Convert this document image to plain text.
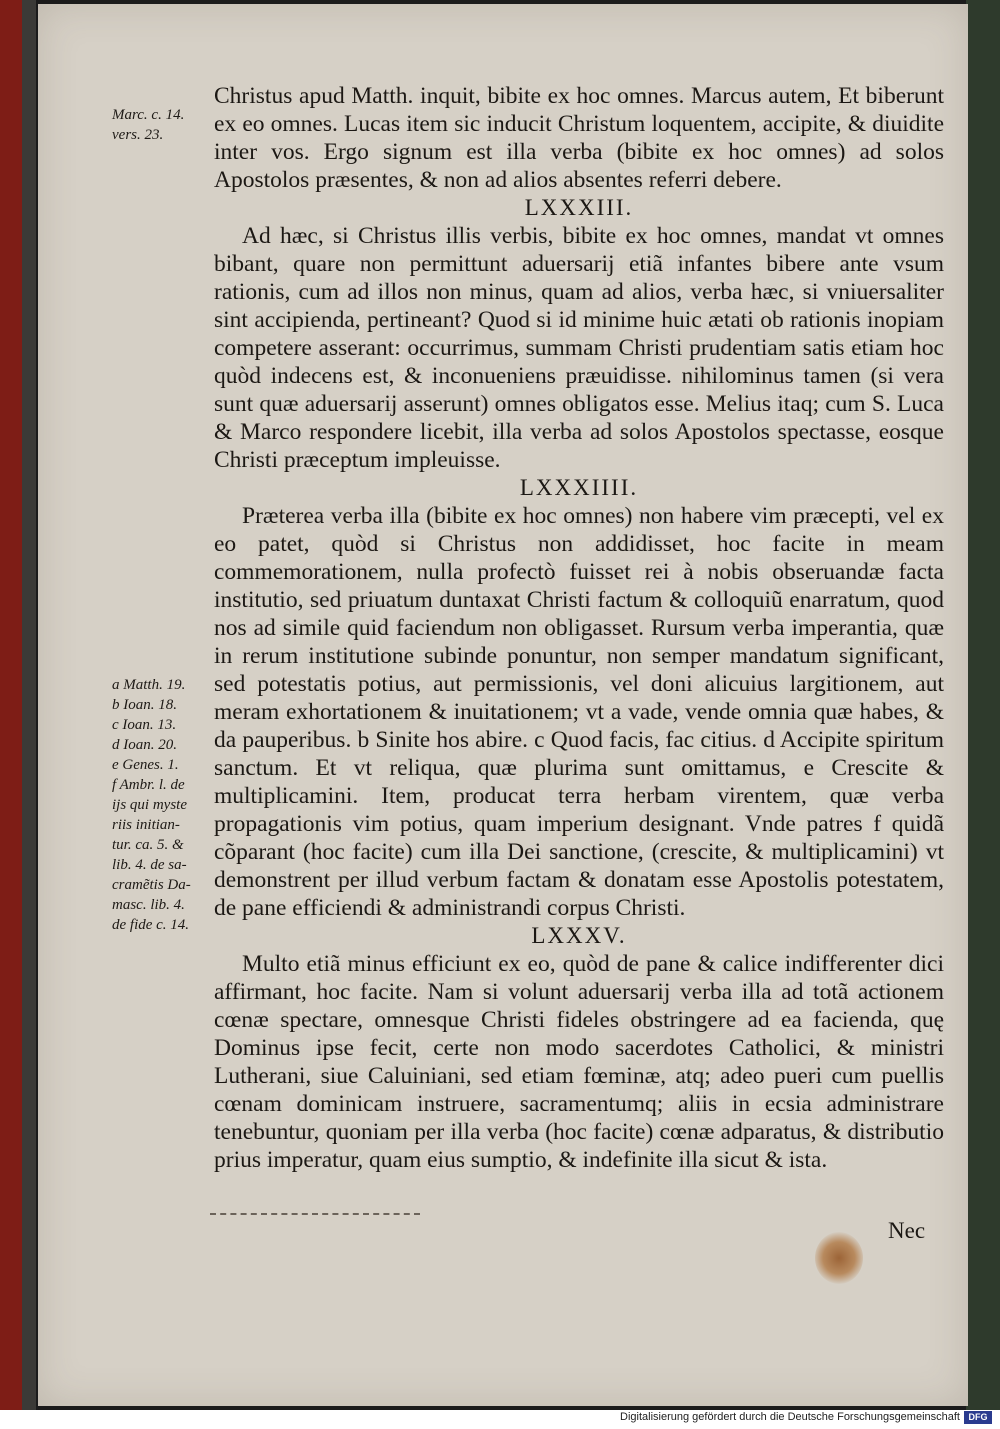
Marc. c. 14.
vers. 23.
a Matth. 19.
b Ioan. 18.
c Ioan. 13.
d Ioan. 20.
e Genes. 1.
f Ambr. l. de
ijs qui myste
riis initian-
tur. ca. 5. &
lib. 4. de sa-
cramẽtis Da-
masc. lib. 4.
de fide c. 14.

Christus apud Matth. inquit, bibite ex hoc omnes. Marcus autem, Et biberunt ex eo omnes. Lucas item sic inducit Christum loquentem, accipite, & diuidite inter vos. Ergo signum est illa verba (bibite ex hoc omnes) ad solos Apostolos præsentes, & non ad alios absentes referri debere.

LXXXIII.

Ad hæc, si Christus illis verbis, bibite ex hoc omnes, mandat vt omnes bibant, quare non permittunt aduersarij etiã infantes bibere ante vsum rationis, cum ad illos non minus, quam ad alios, verba hæc, si vniuersaliter sint accipienda, pertineant? Quod si id minime huic ætati ob rationis inopiam competere asserant: occurrimus, summam Christi prudentiam satis etiam hoc quòd indecens est, & inconueniens præuidisse. nihilominus tamen (si vera sunt quæ aduersarij asserunt) omnes obligatos esse. Melius itaq; cum S. Luca & Marco respondere licebit, illa verba ad solos Apostolos spectasse, eosque Christi præceptum impleuisse.

LXXXIIII.

Præterea verba illa (bibite ex hoc omnes) non habere vim præcepti, vel ex eo patet, quòd si Christus non addidisset, hoc facite in meam commemorationem, nulla profectò fuisset rei à nobis obseruandæ facta institutio, sed priuatum duntaxat Christi factum & colloquiũ enarratum, quod nos ad simile quid faciendum non obligasset. Rursum verba imperantia, quæ in rerum institutione subinde ponuntur, non semper mandatum significant, sed potestatis potius, aut permissionis, vel doni alicuius largitionem, aut meram exhortationem & inuitationem; vt a vade, vende omnia quæ habes, & da pauperibus. b Sinite hos abire. c Quod facis, fac citius. d Accipite spiritum sanctum. Et vt reliqua, quæ plurima sunt omittamus, e Crescite & multiplicamini. Item, producat terra herbam virentem, quæ verba propagationis vim potius, quam imperium designant. Vnde patres f quidã cõparant (hoc facite) cum illa Dei sanctione, (crescite, & multiplicamini) vt demonstrent per illud verbum factam & donatam esse Apostolis potestatem, de pane efficiendi & administrandi corpus Christi.

LXXXV.

Multo etiã minus efficiunt ex eo, quòd de pane & calice indifferenter dici affirmant, hoc facite. Nam si volunt aduersarij verba illa ad totã actionem cœnæ spectare, omnesque Christi fideles obstringere ad ea facienda, quę Dominus ipse fecit, certe non modo sacerdotes Catholici, & ministri Lutherani, siue Caluiniani, sed etiam fœminæ, atq; adeo pueri cum puellis cœnam dominicam instruere, sacramentumq; aliis in ecsia administrare tenebuntur, quoniam per illa verba (hoc facite) cœnæ adparatus, & distributio prius imperatur, quam eius sumptio, & indefinite illa sicut & ista.

Nec
Digitalisierung gefördert durch die Deutsche Forschungsgemeinschaft DFG
